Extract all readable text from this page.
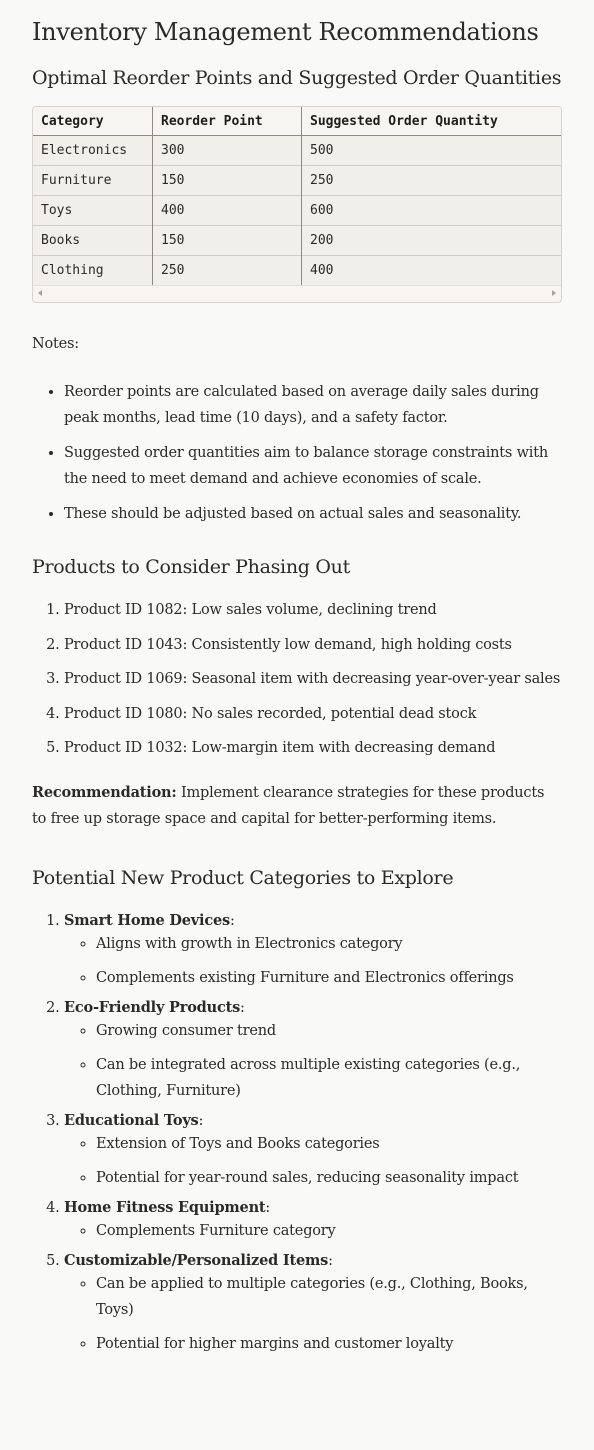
Inventory Management Recommendations
Optimal Reorder Points and Suggested Order Quantities
Category	Reorder Point	Suggested Order Quantity
Electronics	300	500
Furniture	150	250
Toys	400	600
Books	150	200
Clothing	250	400

Notes:

• Reorder points are calculated based on average daily sales during peak months, lead time (10 days), and a safety factor.
• Suggested order quantities aim to balance storage constraints with the need to meet demand and achieve economies of scale.
• These should be adjusted based on actual sales and seasonality.
Products to Consider Phasing Out
1. Product ID 1082: Low sales volume, declining trend
2. Product ID 1043: Consistently low demand, high holding costs
3. Product ID 1069: Seasonal item with decreasing year-over-year sales
4. Product ID 1080: No sales recorded, potential dead stock
5. Product ID 1032: Low-margin item with decreasing demand

Recommendation: Implement clearance strategies for these products to free up storage space and capital for better-performing items.

Potential New Product Categories to Explore
1. Smart Home Devices:
◦ Aligns with growth in Electronics category
◦ Complements existing Furniture and Electronics offerings
2. Eco-Friendly Products:
◦ Growing consumer trend
◦ Can be integrated across multiple existing categories (e.g., Clothing, Furniture)
3. Educational Toys:
◦ Extension of Toys and Books categories
◦ Potential for year-round sales, reducing seasonality impact
4. Home Fitness Equipment:
◦ Complements Furniture category
5. Customizable/Personalized Items:
◦ Can be applied to multiple categories (e.g., Clothing, Books, Toys)
◦ Potential for higher margins and customer loyalty
